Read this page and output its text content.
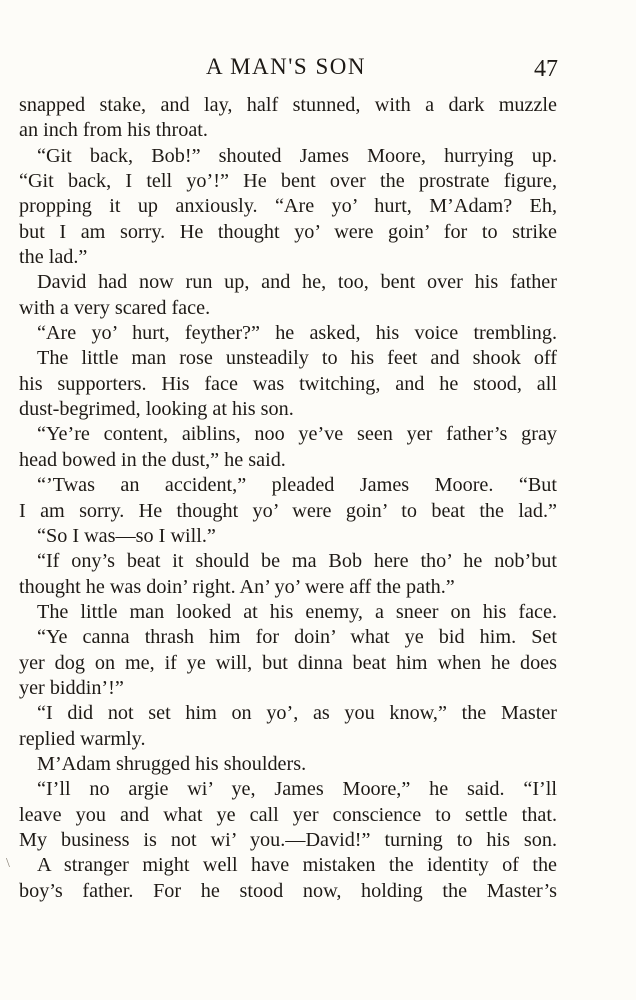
A MAN'S SON	47
snapped stake, and lay, half stunned, with a dark muzzle
an inch from his throat.
“Git back, Bob!” shouted James Moore, hurrying up.
“Git back, I tell yo’!” He bent over the prostrate figure,
propping it up anxiously. “Are yo’ hurt, M’Adam? Eh,
but I am sorry. He thought yo’ were goin’ for to strike
the lad.”
David had now run up, and he, too, bent over his father
with a very scared face.
“Are yo’ hurt, feyther?” he asked, his voice trembling.
The little man rose unsteadily to his feet and shook off
his supporters. His face was twitching, and he stood, all
dust-begrimed, looking at his son.
“Ye’re content, aiblins, noo ye’ve seen yer father’s gray
head bowed in the dust,” he said.
“’Twas an accident,” pleaded James Moore. “But
I am sorry. He thought yo’ were goin’ to beat the lad.”
“So I was—so I will.”
“If ony’s beat it should be ma Bob here tho’ he nob’but
thought he was doin’ right. An’ yo’ were aff the path.”
The little man looked at his enemy, a sneer on his face.
“Ye canna thrash him for doin’ what ye bid him. Set
yer dog on me, if ye will, but dinna beat him when he does
yer biddin’!”
“I did not set him on yo’, as you know,” the Master
replied warmly.
M’Adam shrugged his shoulders.
“I’ll no argie wi’ ye, James Moore,” he said. “I’ll
leave you and what ye call yer conscience to settle that.
My business is not wi’ you.—David!” turning to his son.
A stranger might well have mistaken the identity of the
boy’s father. For he stood now, holding the Master’s
\
